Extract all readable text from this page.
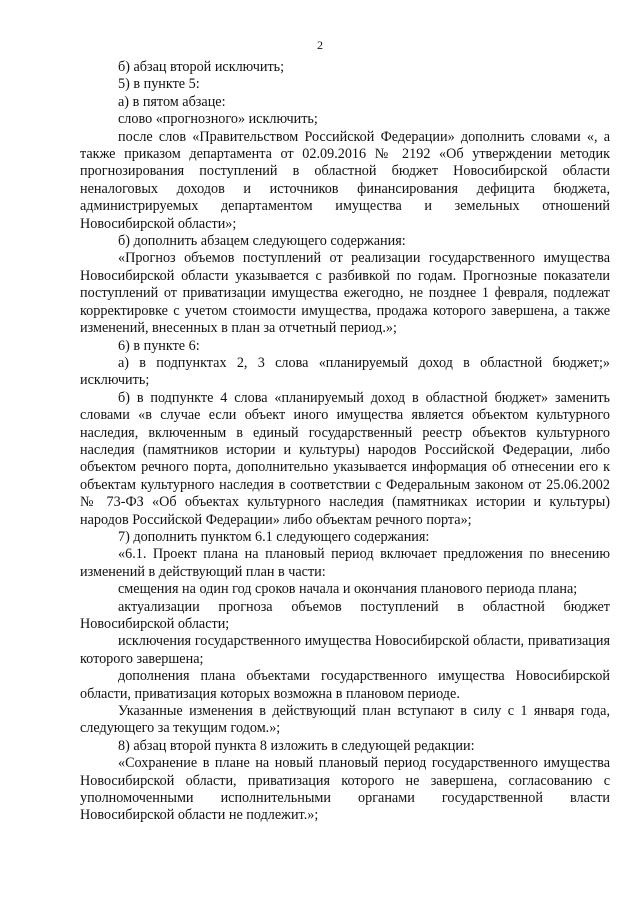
2

б) абзац второй исключить;

5) в пункте 5:

а) в пятом абзаце:

слово «прогнозного» исключить;

после слов «Правительством Российской Федерации» дополнить словами «, а также приказом департамента от 02.09.2016 № 2192 «Об утверждении методик прогнозирования поступлений в областной бюджет Новосибирской области неналоговых доходов и источников финансирования дефицита бюджета, администрируемых департаментом имущества и земельных отношений Новосибирской области»;

б) дополнить абзацем следующего содержания:

«Прогноз объемов поступлений от реализации государственного имущества Новосибирской области указывается с разбивкой по годам. Прогнозные показатели поступлений от приватизации имущества ежегодно, не позднее 1 февраля, подлежат корректировке с учетом стоимости имущества, продажа которого завершена, а также изменений, внесенных в план за отчетный период.»;

6) в пункте 6:

а) в подпунктах 2, 3 слова «планируемый доход в областной бюджет;» исключить;

б) в подпункте 4 слова «планируемый доход в областной бюджет» заменить словами «в случае если объект иного имущества является объектом культурного наследия, включенным в единый государственный реестр объектов культурного наследия (памятников истории и культуры) народов Российской Федерации, либо объектом речного порта, дополнительно указывается информация об отнесении его к объектам культурного наследия в соответствии с Федеральным законом от 25.06.2002 № 73-ФЗ «Об объектах культурного наследия (памятниках истории и культуры) народов Российской Федерации» либо объектам речного порта»;

7) дополнить пунктом 6.1 следующего содержания:

«6.1. Проект плана на плановый период включает предложения по внесению изменений в действующий план в части:

смещения на один год сроков начала и окончания планового периода плана;

актуализации прогноза объемов поступлений в областной бюджет Новосибирской области;

исключения государственного имущества Новосибирской области, приватизация которого завершена;

дополнения плана объектами государственного имущества Новосибирской области, приватизация которых возможна в плановом периоде.

Указанные изменения в действующий план вступают в силу с 1 января года, следующего за текущим годом.»;

8) абзац второй пункта 8 изложить в следующей редакции:

«Сохранение в плане на новый плановый период государственного имущества Новосибирской области, приватизация которого не завершена, согласованию с уполномоченными исполнительными органами государственной власти Новосибирской области не подлежит.»;
